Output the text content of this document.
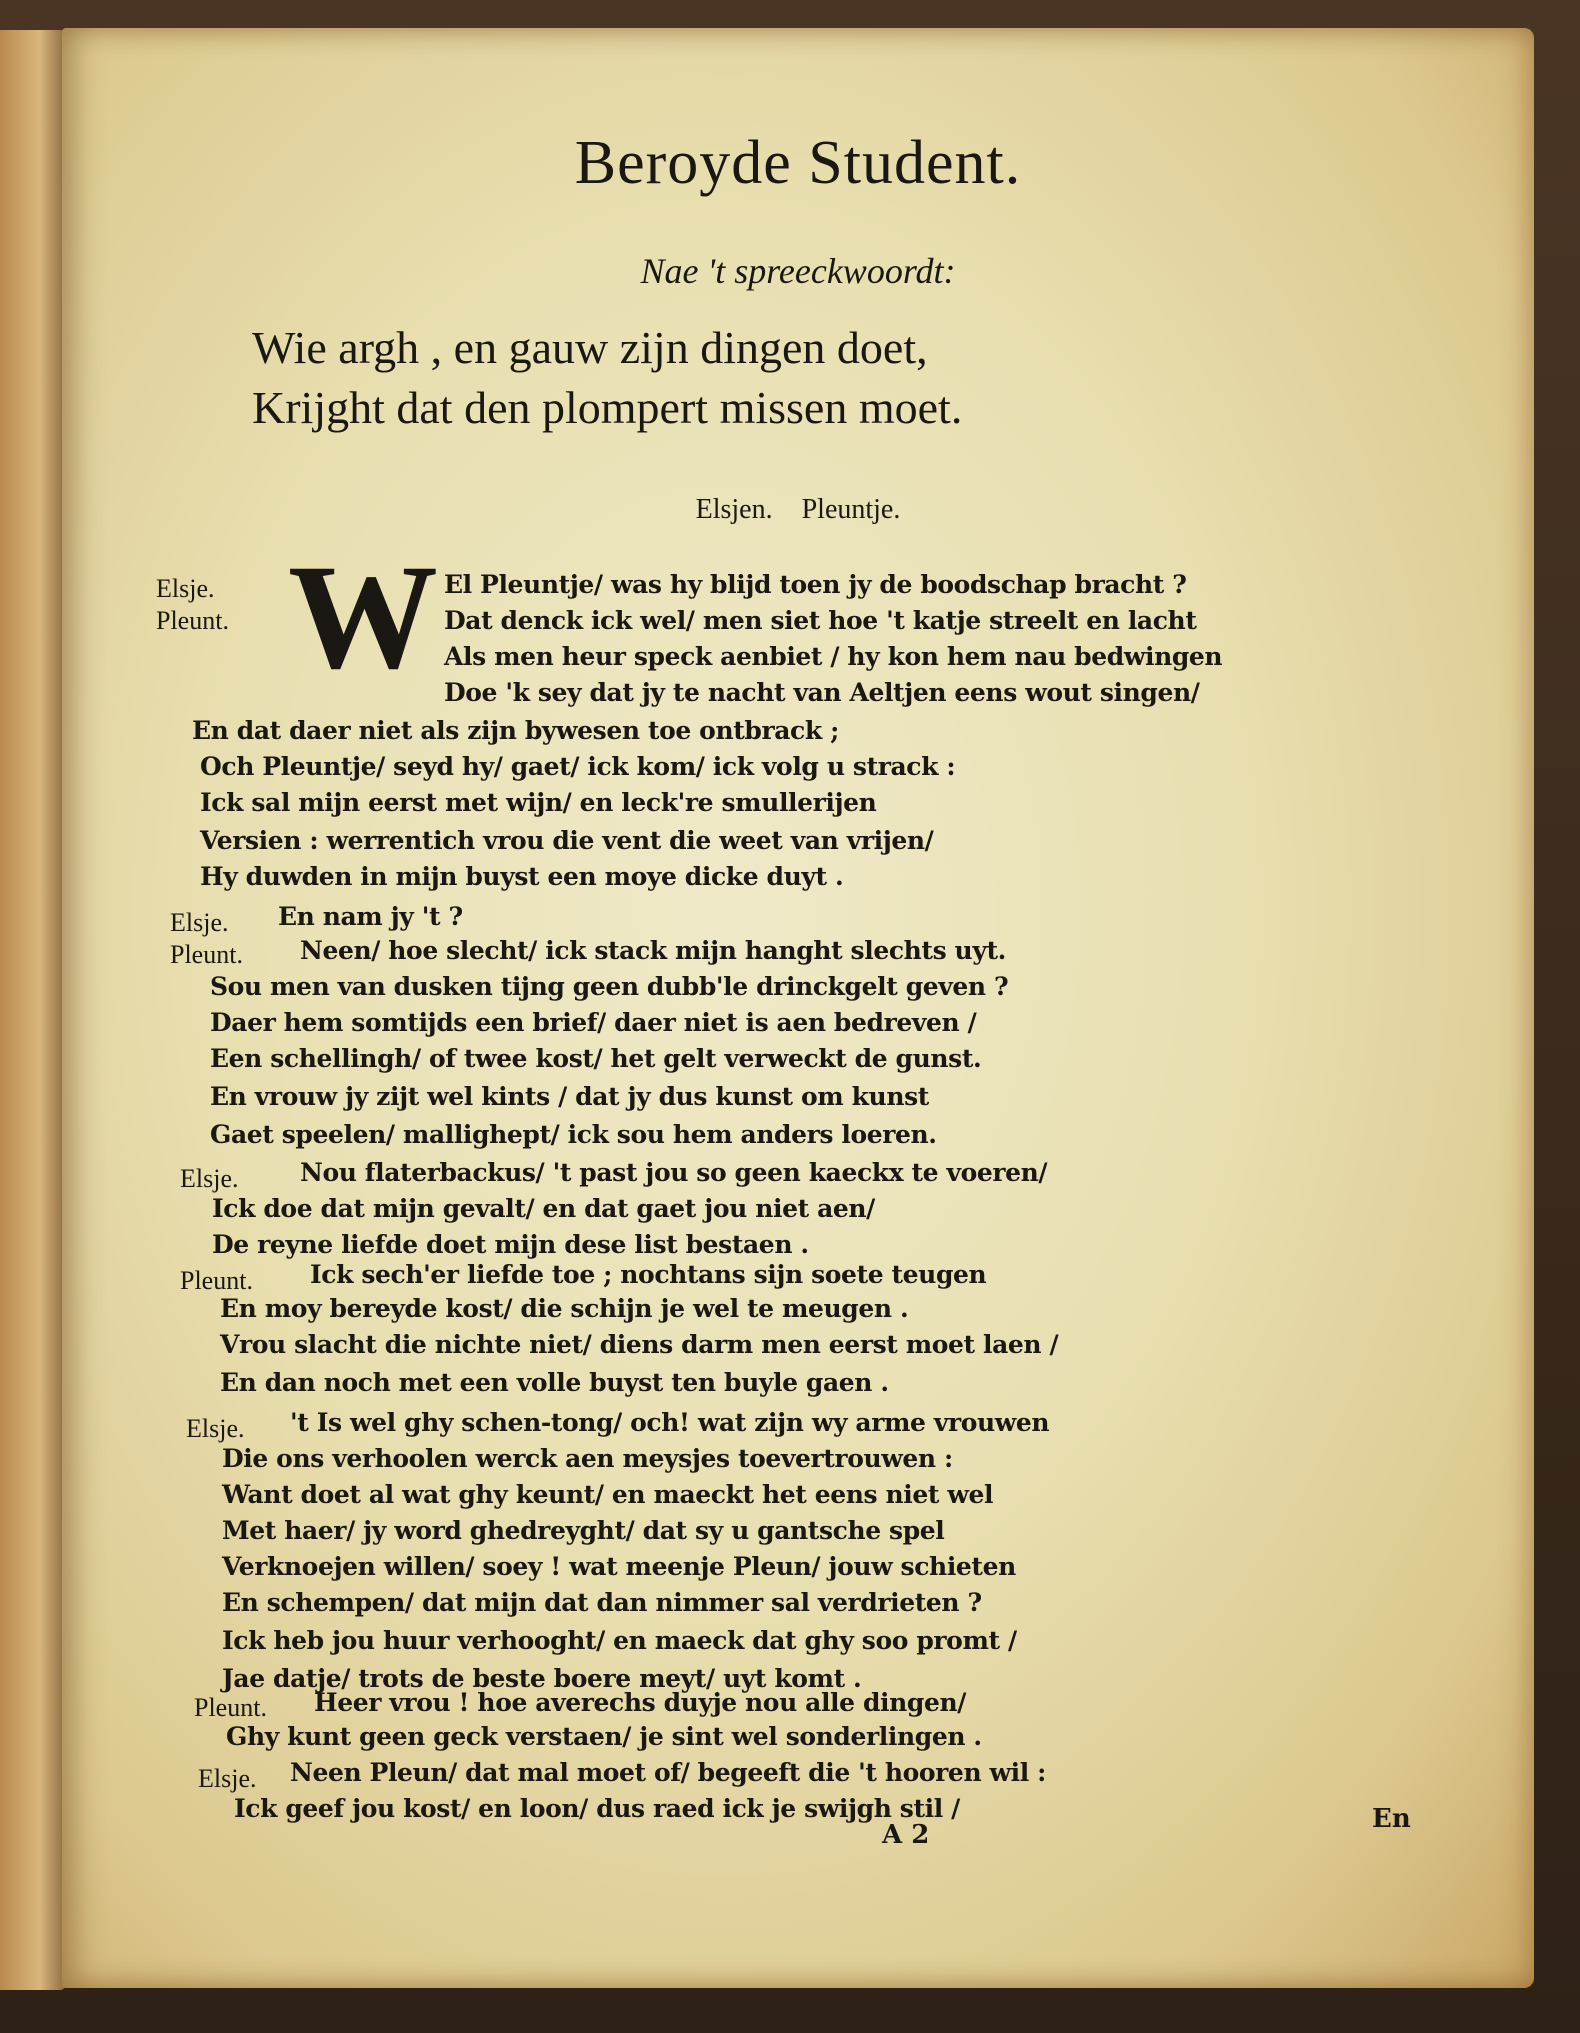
Beroyde Student.
Nae 't spreeckwoordt:
Wie argh , en gauw zijn dingen doet,
Krijght dat den plompert missen moet.
Elsjen. Pleuntje.
W
Elsje.
Pleunt.
Elsje.
Pleunt.
Elsje.
Pleunt.
Elsje.
Pleunt.
Elsje.
El Pleuntje/ was hy blijd toen jy de boodschap bracht ?
Dat denck ick wel/ men siet hoe 't katje streelt en lacht
Als men heur speck aenbiet / hy kon hem nau bedwingen
Doe 'k sey dat jy te nacht van Aeltjen eens wout singen/
En dat daer niet als zijn bywesen toe ontbrack ;
Och Pleuntje/ seyd hy/ gaet/ ick kom/ ick volg u strack :
Ick sal mijn eerst met wijn/ en leck're smullerijen
Versien : werrentich vrou die vent die weet van vrijen/
Hy duwden in mijn buyst een moye dicke duyt .
En nam jy 't ?
Neen/ hoe slecht/ ick stack mijn hanght slechts uyt.
Sou men van dusken tijng geen dubb'le drinckgelt geven ?
Daer hem somtijds een brief/ daer niet is aen bedreven /
Een schellingh/ of twee kost/ het gelt verweckt de gunst.
En vrouw jy zijt wel kints / dat jy dus kunst om kunst
Gaet speelen/ mallighept/ ick sou hem anders loeren.
Nou flaterbackus/ 't past jou so geen kaeckx te voeren/
Ick doe dat mijn gevalt/ en dat gaet jou niet aen/
De reyne liefde doet mijn dese list bestaen .
Ick sech'er liefde toe ; nochtans sijn soete teugen
En moy bereyde kost/ die schijn je wel te meugen .
Vrou slacht die nichte niet/ diens darm men eerst moet laen /
En dan noch met een volle buyst ten buyle gaen .
't Is wel ghy schen-tong/ och! wat zijn wy arme vrouwen
Die ons verhoolen werck aen meysjes toevertrouwen :
Want doet al wat ghy keunt/ en maeckt het eens niet wel
Met haer/ jy word ghedreyght/ dat sy u gantsche spel
Verknoejen willen/ soey ! wat meenje Pleun/ jouw schieten
En schempen/ dat mijn dat dan nimmer sal verdrieten ?
Ick heb jou huur verhooght/ en maeck dat ghy soo promt /
Jae datje/ trots de beste boere meyt/ uyt komt .
Heer vrou ! hoe averechs duyje nou alle dingen/
Ghy kunt geen geck verstaen/ je sint wel sonderlingen .
Neen Pleun/ dat mal moet of/ begeeft die 't hooren wil :
Ick geef jou kost/ en loon/ dus raed ick je swijgh stil /
A 2
En
